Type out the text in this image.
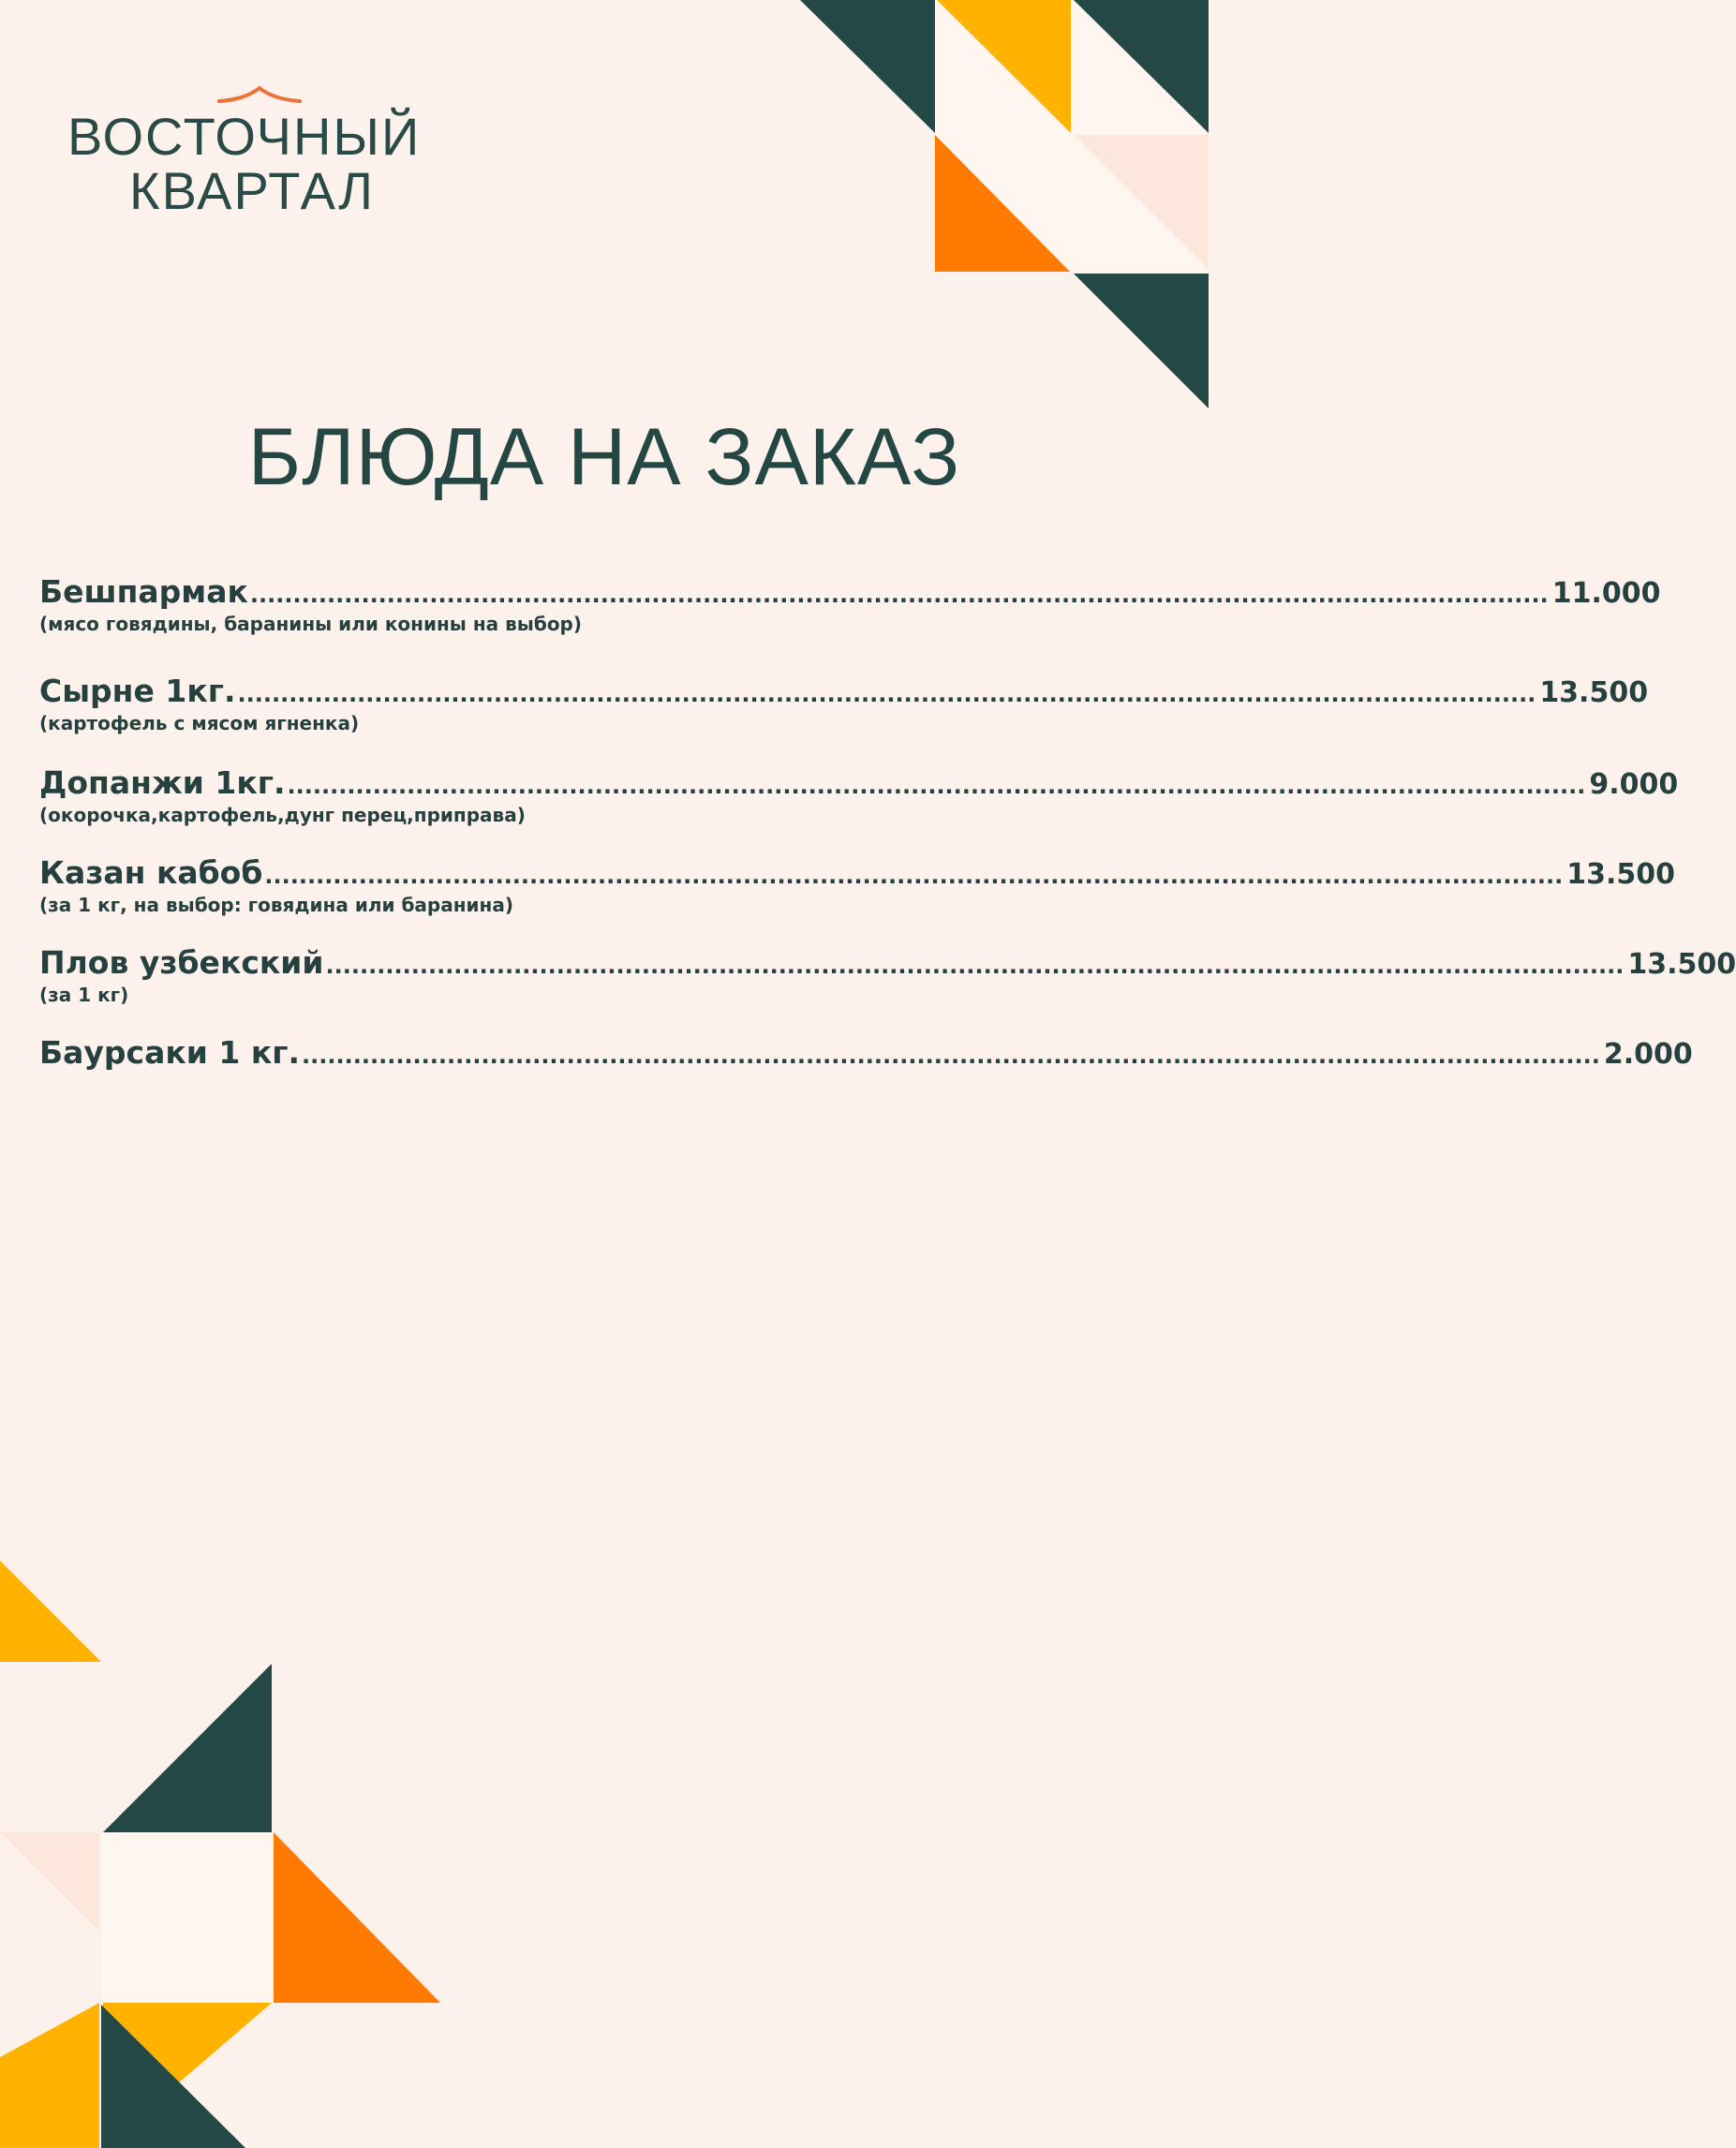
ВОСТОЧНЫЙ
КВАРТАЛ
БЛЮДА НА ЗАКАЗ
Бешпармак ........................................................................................................................................................ 11.000
(мясо говядины, баранины или конины на выбор)
Сырне 1кг. ........................................................................................................................................................ 13.500
(картофель с мясом ягненка)
Допанжи 1кг. ........................................................................................................................................................ 9.000
(окорочка,картофель,дунг перец,приправа)
Казан кабоб ........................................................................................................................................................ 13.500
(за 1 кг, на выбор: говядина или баранина)
Плов узбекский ........................................................................................................................................................ 13.500
(за 1 кг)
Баурсаки 1 кг. ........................................................................................................................................................ 2.000
